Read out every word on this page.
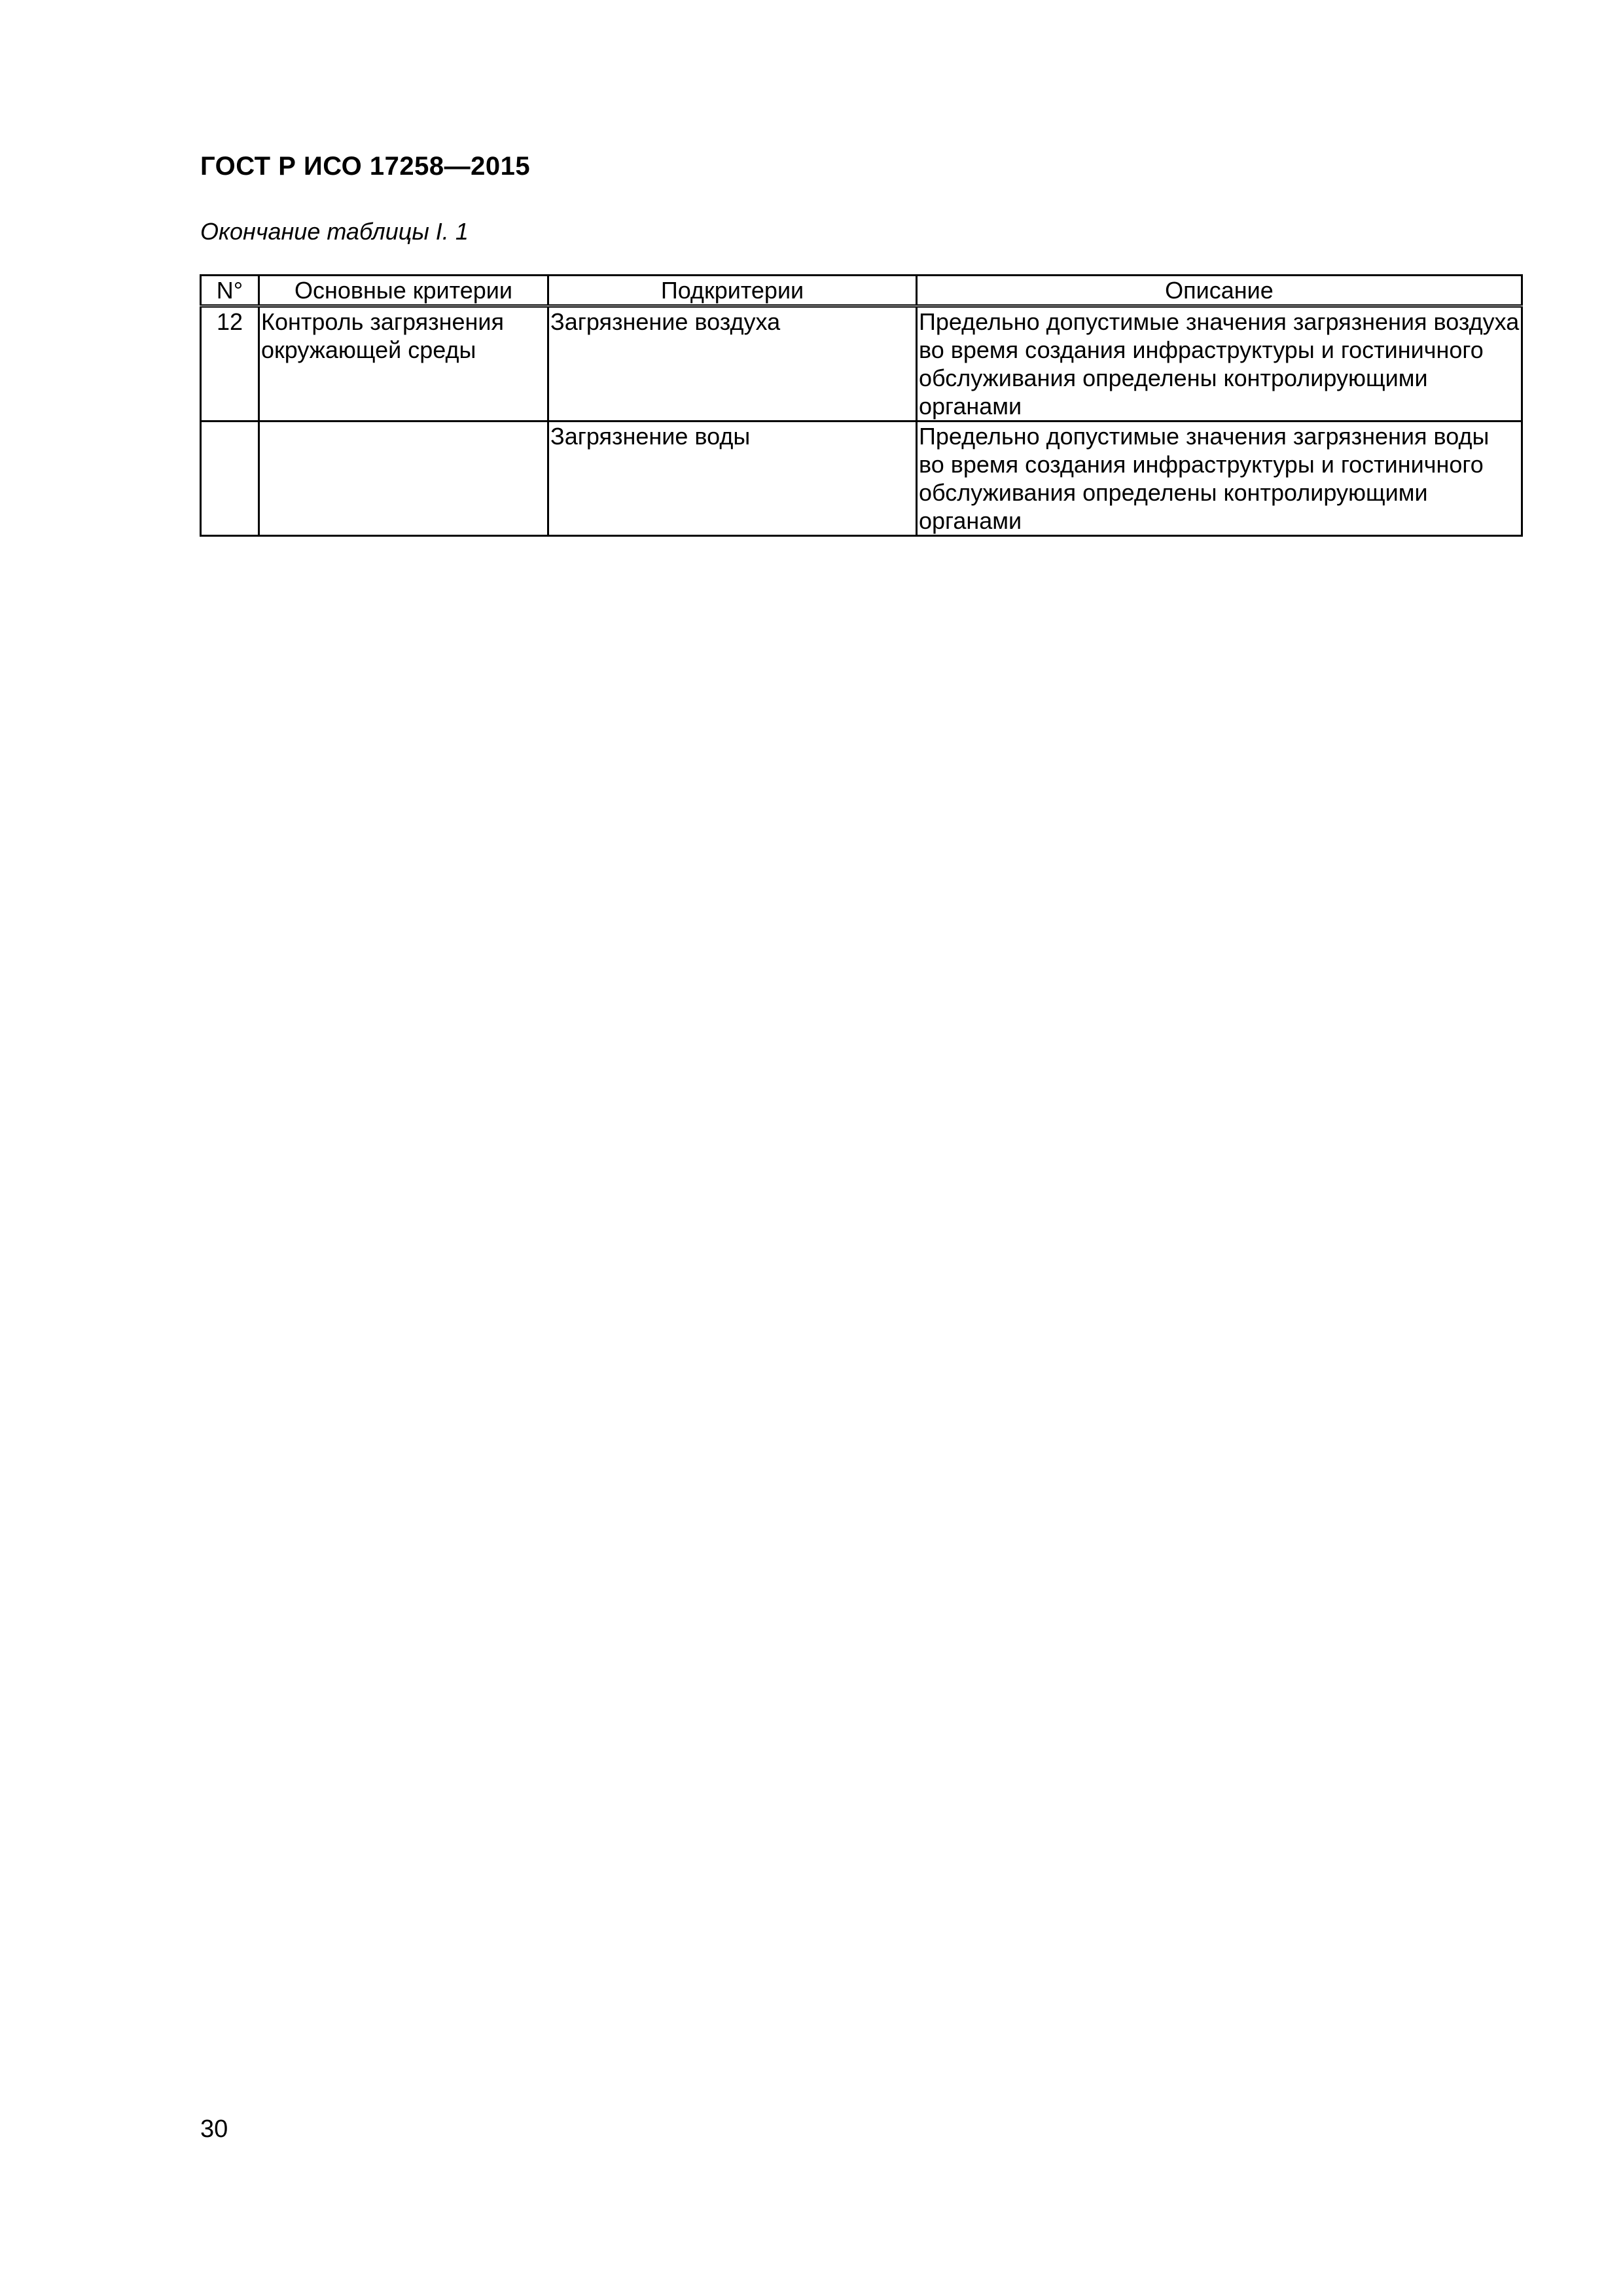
ГОСТ Р ИСО 17258—2015
Окончание таблицы I. 1
N°	Основные критерии	Подкритерии	Описание
12	Контроль загрязнения окружающей среды	Загрязнение воздуха	Предельно допустимые значения загрязнения воздуха во время создания инфраструктуры и гостиничного обслуживания определены контролирующими органами
		Загрязнение воды	Предельно допустимые значения загрязнения воды во время создания инфраструктуры и гостиничного обслуживания определены контролирующими органами
30
